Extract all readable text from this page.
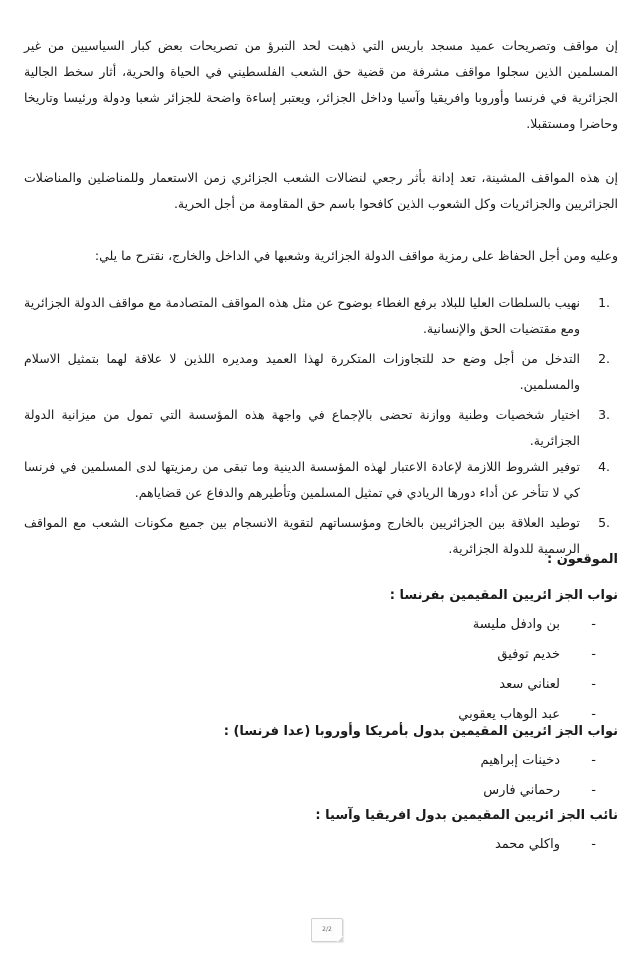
إن مواقف وتصريحات عميد مسجد باريس التي ذهبت لحد التبرؤ من تصريحات بعض كبار السياسيين من غير المسلمين الذين سجلوا مواقف مشرفة من قضية حق الشعب الفلسطيني في الحياة والحرية، أثار سخط الجالية الجزائرية في فرنسا وأوروبا وافريقيا وآسيا وداخل الجزائر، ويعتبر إساءة واضحة للجزائر شعبا ودولة ورئيسا وتاريخا وحاضرا ومستقبلا.

إن هذه المواقف المشينة، تعد إدانة بأثر رجعي لنضالات الشعب الجزائري زمن الاستعمار وللمناضلين والمناضلات الجزائريين والجزائريات وكل الشعوب الذين كافحوا باسم حق المقاومة من أجل الحرية.

وعليه ومن أجل الحفاظ على رمزية مواقف الدولة الجزائرية وشعبها في الداخل والخارج، نقترح ما يلي:

1.
نهيب بالسلطات العليا للبلاد برفع الغطاء بوضوح عن مثل هذه المواقف المتصادمة مع مواقف الدولة الجزائرية ومع مقتضيات الحق والإنسانية.
2.
التدخل من أجل وضع حد للتجاوزات المتكررة لهذا العميد ومديره اللذين لا علاقة لهما بتمثيل الاسلام والمسلمين.
3.
اختيار شخصيات وطنية ووازنة تحضى بالإجماع في واجهة هذه المؤسسة التي تمول من ميزانية الدولة الجزائرية.
4.
توفير الشروط اللازمة لإعادة الاعتبار لهذه المؤسسة الدينية وما تبقى من رمزيتها لدى المسلمين في فرنسا كي لا تتأخر عن أداء دورها الريادي في تمثيل المسلمين وتأطيرهم والدفاع عن قضاياهم.
5.
توطيد العلاقة بين الجزائريين بالخارج ومؤسساتهم لتقوية الانسجام بين جميع مكونات الشعب مع المواقف الرسمية للدولة الجزائرية.

الموقعون :

نواب الجز ائريين المقيمين بفرنسا :

-
بن وادفل مليسة
-
خديم توفيق
-
لعناني سعد
-
عبد الوهاب يعقوبي

نواب الجز ائريين المقيمين بدول بأمريكا وأوروبا (عدا فرنسا) :

-
دخينات إبراهيم
-
رحماني فارس

نائب الجز ائريين المقيمين بدول افريقيا وآسيا :

-
واكلي محمد
2/2
